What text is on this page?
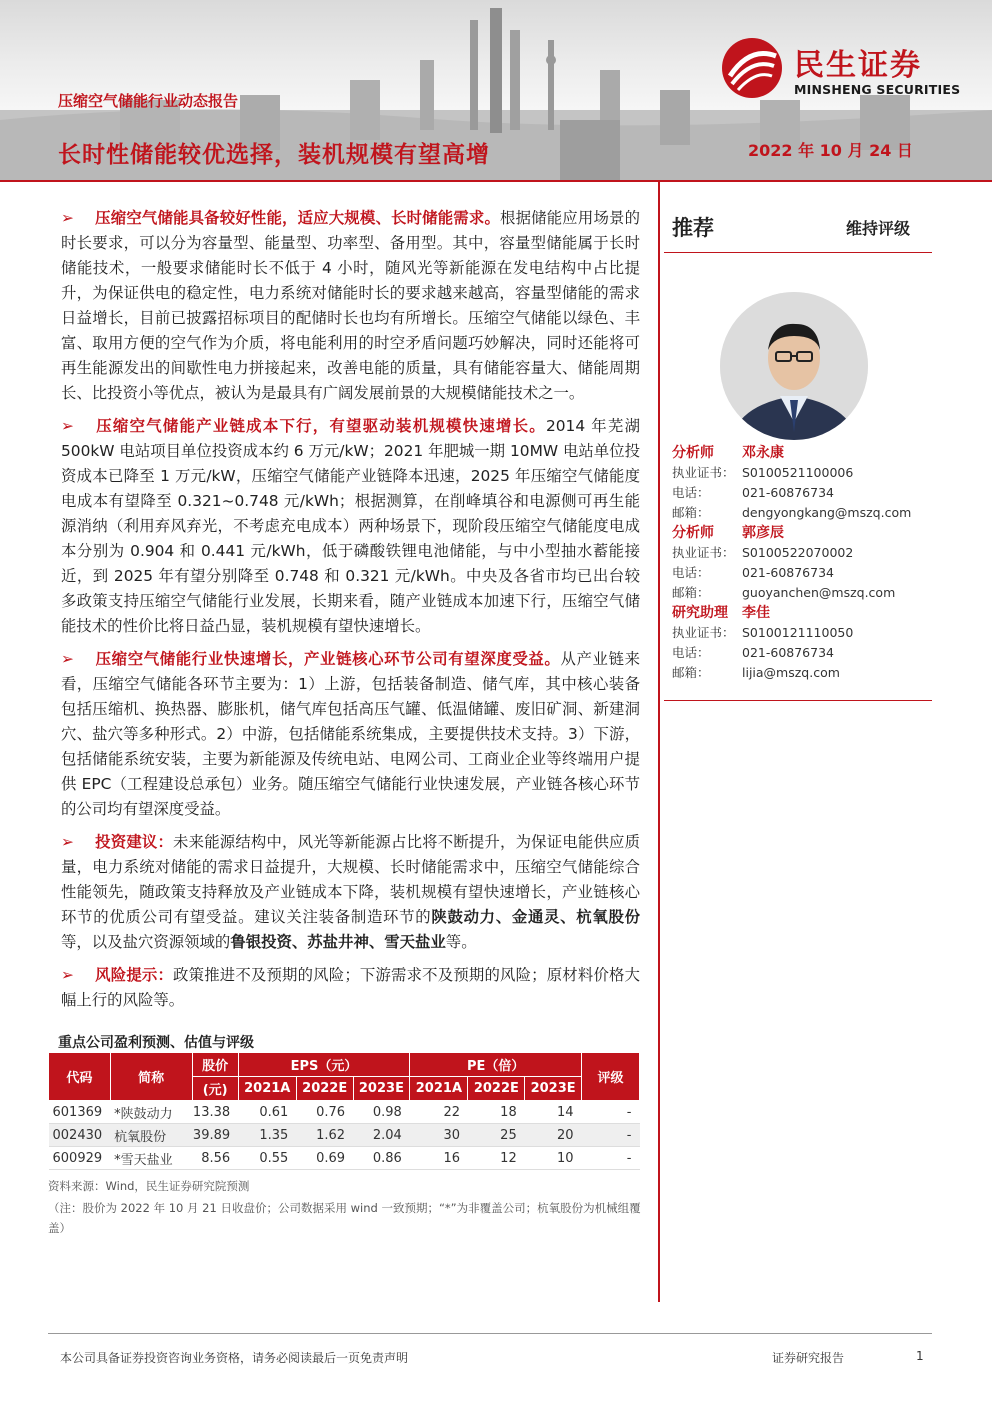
压缩空气储能行业动态报告
长时性储能较优选择，装机规模有望高增	2022 年 10 月 24 日
民生证券
MINSHENG SECURITIES

➢ 压缩空气储能具备较好性能，适应大规模、长时储能需求。根据储能应用场景的时长要求，可以分为容量型、能量型、功率型、备用型。其中，容量型储能属于长时储能技术，一般要求储能时长不低于 4 小时，随风光等新能源在发电结构中占比提升，为保证供电的稳定性，电力系统对储能时长的要求越来越高，容量型储能的需求日益增长，目前已披露招标项目的配储时长也均有所增长。压缩空气储能以绿色、丰富、取用方便的空气作为介质，将电能利用的时空矛盾问题巧妙解决，同时还能将可再生能源发出的间歇性电力拼接起来，改善电能的质量，具有储能容量大、储能周期长、比投资小等优点，被认为是最具有广阔发展前景的大规模储能技术之一。

➢ 压缩空气储能产业链成本下行，有望驱动装机规模快速增长。2014 年芜湖 500kW 电站项目单位投资成本约 6 万元/kW；2021 年肥城一期 10MW 电站单位投资成本已降至 1 万元/kW，压缩空气储能产业链降本迅速，2025 年压缩空气储能度电成本有望降至 0.321~0.748 元/kWh；根据测算，在削峰填谷和电源侧可再生能源消纳（利用弃风弃光，不考虑充电成本）两种场景下，现阶段压缩空气储能度电成本分别为 0.904 和 0.441 元/kWh，低于磷酸铁锂电池储能，与中小型抽水蓄能接近，到 2025 年有望分别降至 0.748 和 0.321 元/kWh。中央及各省市均已出台较多政策支持压缩空气储能行业发展，长期来看，随产业链成本加速下行，压缩空气储能技术的性价比将日益凸显，装机规模有望快速增长。

➢ 压缩空气储能行业快速增长，产业链核心环节公司有望深度受益。从产业链来看，压缩空气储能各环节主要为：1）上游，包括装备制造、储气库，其中核心装备包括压缩机、换热器、膨胀机，储气库包括高压气罐、低温储罐、废旧矿洞、新建洞穴、盐穴等多种形式。2）中游，包括储能系统集成，主要提供技术支持。3）下游，包括储能系统安装，主要为新能源及传统电站、电网公司、工商业企业等终端用户提供 EPC（工程建设总承包）业务。随压缩空气储能行业快速发展，产业链各核心环节的公司均有望深度受益。

➢ 投资建议：未来能源结构中，风光等新能源占比将不断提升，为保证电能供应质量，电力系统对储能的需求日益提升，大规模、长时储能需求中，压缩空气储能综合性能领先，随政策支持释放及产业链成本下降，装机规模有望快速增长，产业链核心环节的优质公司有望受益。建议关注装备制造环节的陕鼓动力、金通灵、杭氧股份等，以及盐穴资源领域的鲁银投资、苏盐井神、雪天盐业等。

➢ 风险提示：政策推进不及预期的风险；下游需求不及预期的风险；原材料价格大幅上行的风险等。

推荐	维持评级
分析师	邓永康
执业证书： S0100521100006
电话：	021-60876734
邮箱：	dengyongkang@mszq.com
分析师	郭彦辰
执业证书： S0100522070002
电话：	021-60876734
邮箱：	guoyanchen@mszq.com
研究助理	李佳
执业证书： S0100121110050
电话：	021-60876734
邮箱：	lijia@mszq.com
重点公司盈利预测、估值与评级
代码	简称	股价	EPS（元）			PE（倍）			评级
		(元)	2021A	2022E	2023E	2021A	2022E	2023E	
601369	*陕鼓动力	13.38	0.61	0.76	0.98	22	18	14	-
002430	杭氧股份	39.89	1.35	1.62	2.04	30	25	20	-
600929	*雪天盐业	8.56	0.55	0.69	0.86	16	12	10	-
资料来源：Wind，民生证券研究院预测
（注：股价为 2022 年 10 月 21 日收盘价；公司数据采用 wind 一致预期；“*”为非覆盖公司；杭氧股份为机械组覆盖）
本公司具备证券投资咨询业务资格，请务必阅读最后一页免责声明	证券研究报告	1
